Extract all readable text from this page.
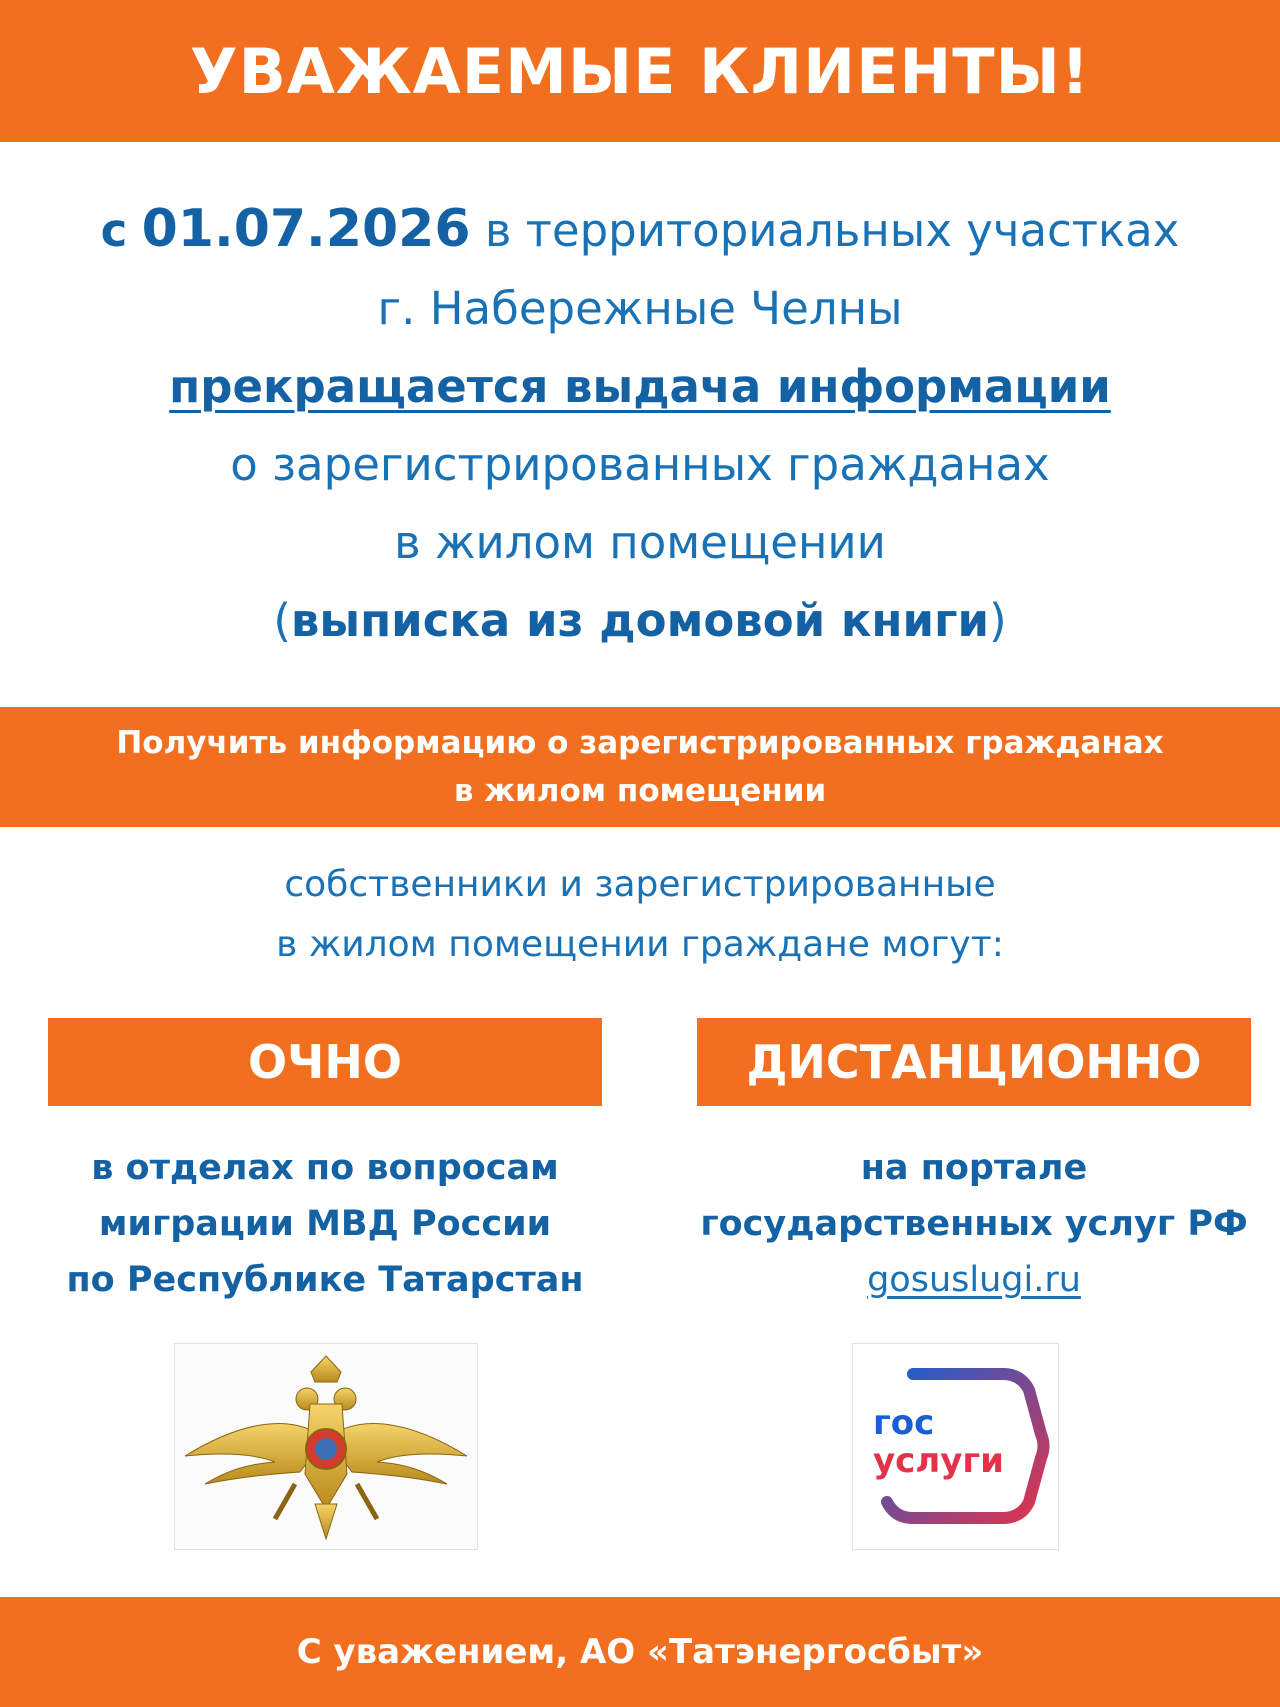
УВАЖАЕМЫЕ КЛИЕНТЫ!
с 01.07.2026 в территориальных участках
г. Набережные Челны
прекращается выдача информации
о зарегистрированных гражданах
в жилом помещении
(выписка из домовой книги)
Получить информацию о зарегистрированных гражданах
в жилом помещении
собственники и зарегистрированные
в жилом помещении граждане могут:
ОЧНО	ДИСТАНЦИОННО
в отделах по вопросам
миграции МВД России
по Республике Татарстан
на портале
государственных услуг РФ
gosuslugi.ru
гос
услуги
С уважением, АО «Татэнергосбыт»
